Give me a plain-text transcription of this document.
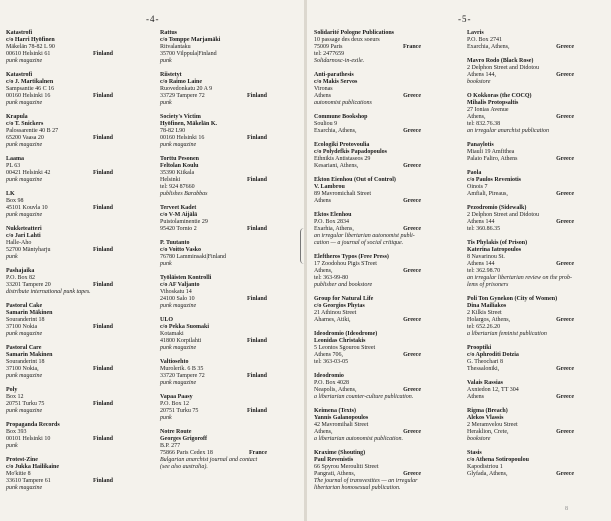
-4-	-5-
Katastrofi
c/o Harri Hyöfinen
Mäkelän 78-82 L 90
00610 Helsinki 61	Finland
punk magazine
Katastrofi
c/o J. Martikalnen
Sampsantie 46 C 16
00160 Helsinki 16	Finland
punk magazine
Krapula
c/o T. Snickers
Palossarentie 40 B 27
65200 Vaasa 20	Finland
punk magazine
Laama
PL 63
00421 Helsinki 42	Finland
punk magazine
LK
Box 98
45101 Kouvla 10	Finland
punk magazine
Nukketeatteri
c/o Jari Lahti
Halle-Aho
52700 Mäntyharju	Finland
punk
Pashajaika
P.O. Box 82
33201 Tampere 20	Finland
distribute international punk tapes.
Pastoral Cake
Samarin Mäkinen
Souranderint 18
37100 Nokia	Finland
punk magazine
Pastoral Care
Samarin Makinen
Souranderint 18
37100 Nokia,	Finland
punk magazine
Poly
Box 12
20751 Turku 75	Finland
punk magazine
Propaganda Records
Box 393
00101 Helsinki 10	Finland
punk
Protest-Zine
c/o Jukka Hailikaine
Mo'kitie 8
33610 Tampere 61	Finland
punk magazine
Rattus
c/o Tomppe Marjamäki
Ritvalantaku
35700 Vilppula|Finland
punk
Riistetyt
c/o Raimo Laine
Ruovedonkatu 20 A 9
33729 Tampere 72	Finland
punk
Society's Victim
Hyöfinen, Mäkelän K.
78-82 L90
00160 Helsinki 16	Finland
punk magazine
Torttu Pesonen
Feltolan Koulu
35390 Kiikala
Helsinki	Finland
tel: 924 87660
publishes Barabbas
Terveet Kadet
c/o V-M Aijälä
Puistolaminentie 29
95420 Tornio 2	Finland
P. Tuutanto
c/o Voitto Vasko
76780 Lamminsaki|Finland
punk
Työläisten Kontrolli
c/o AF Valjanto
Vihoskatu 14
24100 Salo 10	Finland
punk magazine
ULO
c/o Pekka Suomaki
Kotamaki
41800 Korpilahti	Finland
punk magazine
Valtiosehto
Murolerik. 6 B 35
33720 Tampere 72	Finland
punk magazine
Vapaa Paasy
P.O. Box 12
20751 Turku 75	Finland
punk
Notre Route
Georges Grigoroff
B.P. 277
75866 Paris Cedex 18	France
Bulgarian anarchist journal and contact
(see also australia).
Solidarité Pologne Publications
10 passage des deux soeurs
75009 Paris	France
tel: 2477659
Solidarnosc-in-exile.
Anti-parathesis
c/o Makis Servos
Vironas
Athens	Greece
autonomist publications
Commune Bookshop
Souliou 9
Exarchia, Athens,	Greece
Ecologiki Protovoulia
c/o Polydefkis Papadopoulos
Ethnikis Antistaseos 29
Kesariani, Athens,	Greece
Ekton Eienhou (Out of Control)
V. Lambrou
89 Mavromichali Street
Athens	Greece
Ektos Elenhou
P.O. Box 2834
Exarhia, Athens,	Greece
an irregular libertarian autonomist publi-
cation — a journal of social critique.
Eleftheros Typos (Free Press)
17 Zoodohou Pigis STreet
Athens,	Greece
tel: 363-99-80
publisher and bookstore
Group for Natural Life
c/o Georgios Phytas
21 Athinou Street
Aharnes, Atiki,	Greece
Ideodromio (Ideodrome)
Leonidas Christakis
5 Leontos Sgourou Street
Athens 706,	Greece
tel: 363-03-05
Ideodromio
P.O. Box 4028
Neapolis, Athens,	Greece
a libertarian counter-culture publication.
Keimena (Texts)
Yannis Galanopoulos
42 Mavromihali Street
Athens,	Greece
a libertarian autonomist publication.
Kraxime (Shouting)
Paul Revenistis
66 Spyrou Merouliti Street
Pangrati, Athens,	Greece
The journal of transvestites — an irregular
libertarian homosexual publication.
Lavris
P.O. Box 2741
Exarchia, Athens,	Greece
Mavro Rodo (Black Rose)
2 Delphon Street and Didotou
Athens 144,	Greece
bookstore
O Kokkoras (the COCQ)
Mihalis Protopsaltis
27 Ionias Avenue
Athens,	Greece
tel: 832.76.38
an irregular anarchist publication
Panaylotis
Miauli 19 Amfithea
Palaio Faliro, Athens	Greece
Paola
c/o Paulos Reveniotis
Oinois 7
Amfiali, Pireaus,	Greece
Pezodromio (Sidewalk)
2 Delphon Street and Didotou
Athens 144	Greece
tel: 360.86.35
Tis Phylakis (of Prison)
Katerina Iatropoulos
8 Navarinou St.
Athens 144	Greece
tel: 362.98.70
an irregular libertarian review on the prob-
lems of prisoners
Poli Ton Gynekon (City of Women)
Dina Mailiakos
2 Kilkis Street
Holargos, Athens,	Greece
tel: 652.26.20
a libertarian feminist publication
Prooptiki
c/o Aphroditi Dotzia
G. Theochari 8
Thessaloniki,	Greece
Valais Rassias
Axniedon 12, TT 304
Athens	Greece
Rigma (Breach)
Alekos Vlassis
2 Meramvelou Street
Heraklion, Crete,	Greece
bookstore
Stasis
c/o Athena Sotiropoulou
Kapodistriou 1
Glyfada, Athens,	Greece
8
